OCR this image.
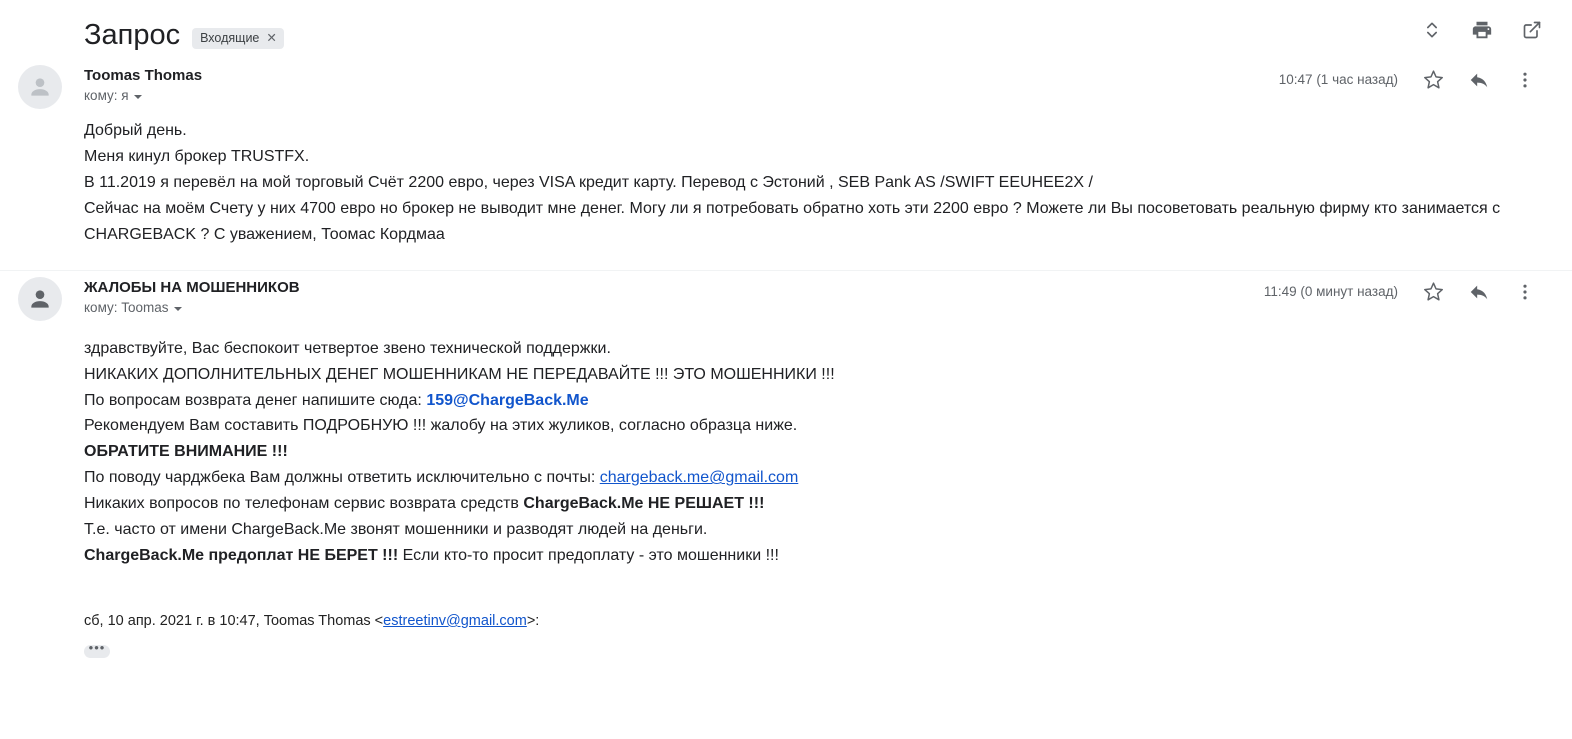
Запрос Входящие ✕
Toomas Thomas
кому: я
10:47 (1 час назад)

Добрый день.

Меня кинул брокер TRUSTFX.

В 11.2019 я перевёл на мой торговый Счёт 2200 евро, через VISA кредит карту. Перевод с Эстоний , SEB Pank AS /SWIFT EEUHEE2X /

Сейчас на моём Счету у них 4700 евро но брокер не выводит мне денег. Могу ли я потребовать обратно хоть эти 2200 евро ? Можете ли Вы посоветовать реальную фирму кто занимается с CHARGEBACK ? С уважением, Тоомас Кордмаа

ЖАЛОБЫ НА МОШЕННИКОВ
кому: Toomas
11:49 (0 минут назад)

здравствуйте, Вас беспокоит четвертое звено технической поддержки.

НИКАКИХ ДОПОЛНИТЕЛЬНЫХ ДЕНЕГ МОШЕННИКАМ НЕ ПЕРЕДАВАЙТЕ !!! ЭТО МОШЕННИКИ !!!

По вопросам возврата денег напишите сюда: 159@ChargeBack.Me

Рекомендуем Вам составить ПОДРОБНУЮ !!! жалобу на этих жуликов, согласно образца ниже.

ОБРАТИТЕ ВНИМАНИЕ !!!

По поводу чарджбека Вам должны ответить исключительно с почты: chargeback.me@gmail.com

Никаких вопросов по телефонам сервис возврата средств ChargeBack.Me НЕ РЕШАЕТ !!!

Т.е. часто от имени ChargeBack.Me звонят мошенники и разводят людей на деньги.

ChargeBack.Me предоплат НЕ БЕРЕТ !!! Если кто-то просит предоплату - это мошенники !!!

сб, 10 апр. 2021 г. в 10:47, Toomas Thomas <estreetinv@gmail.com>:
•••
